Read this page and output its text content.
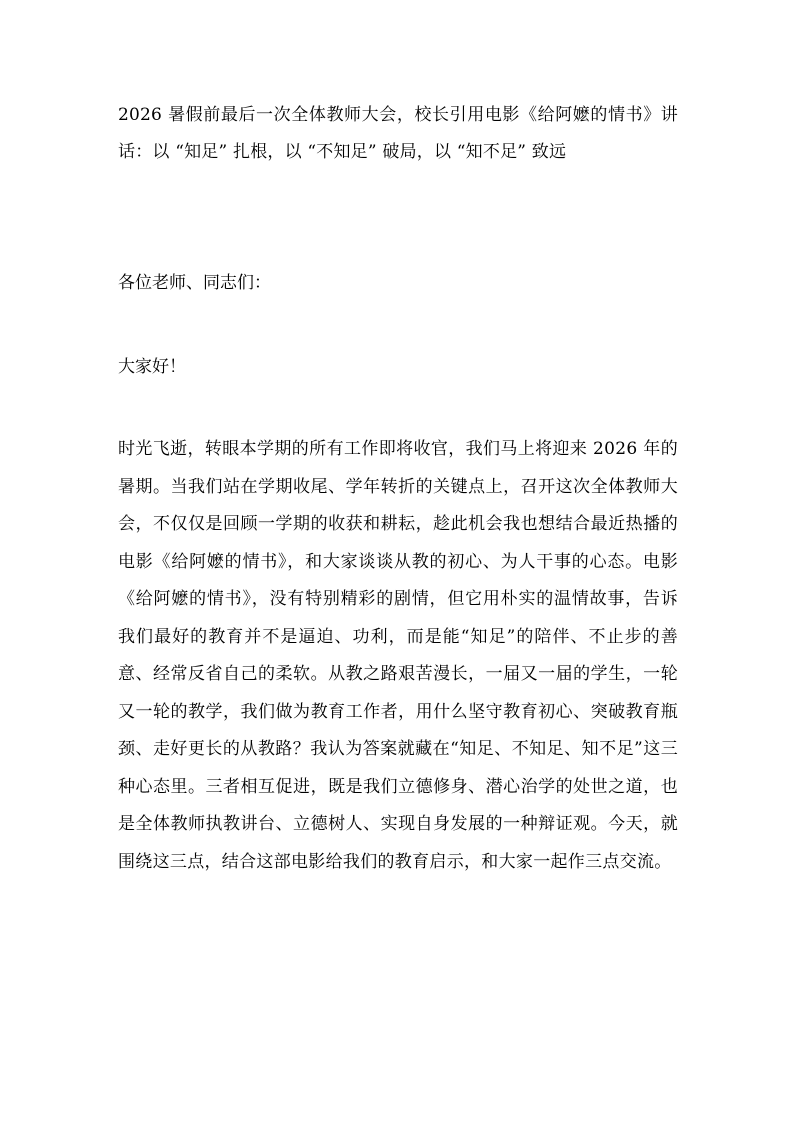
2026 暑假前最后一次全体教师大会，校长引用电影《给阿嬷的情书》讲话：以 “知足” 扎根，以 “不知足” 破局，以 “知不足” 致远

各位老师、同志们：

大家好！

时光飞逝，转眼本学期的所有工作即将收官，我们马上将迎来 2026 年的暑期。当我们站在学期收尾、学年转折的关键点上，召开这次全体教师大会，不仅仅是回顾一学期的收获和耕耘，趁此机会我也想结合最近热播的电影《给阿嬷的情书》，和大家谈谈从教的初心、为人干事的心态。电影《给阿嬷的情书》，没有特别精彩的剧情，但它用朴实的温情故事，告诉我们最好的教育并不是逼迫、功利，而是能“知足”的陪伴、不止步的善意、经常反省自己的柔软。从教之路艰苦漫长，一届又一届的学生，一轮又一轮的教学，我们做为教育工作者，用什么坚守教育初心、突破教育瓶颈、走好更长的从教路？我认为答案就藏在“知足、不知足、知不足”这三种心态里。三者相互促进，既是我们立德修身、潜心治学的处世之道，也是全体教师执教讲台、立德树人、实现自身发展的一种辩证观。今天，就围绕这三点，结合这部电影给我们的教育启示，和大家一起作三点交流。
